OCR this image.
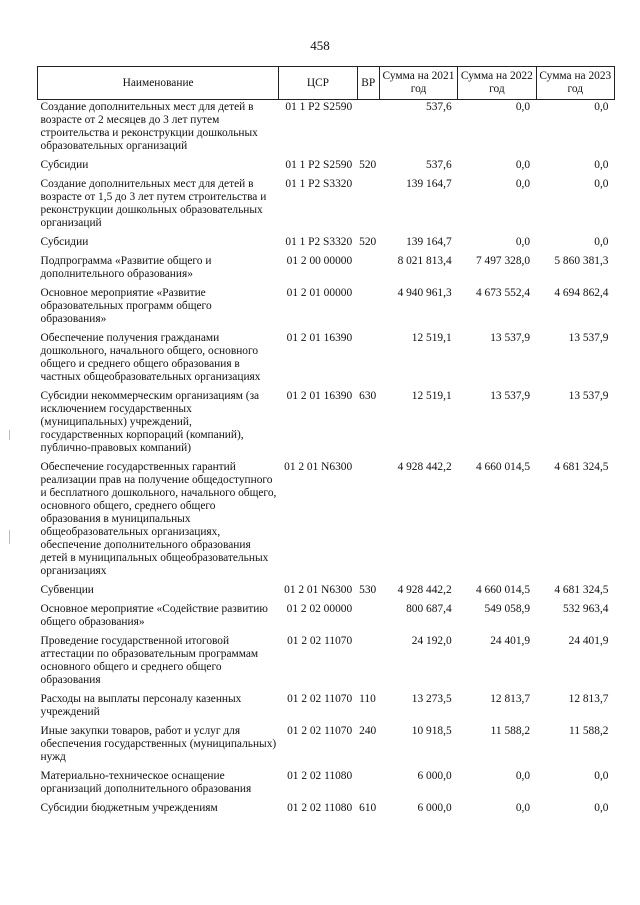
458
Наименование	ЦСР	ВР	Сумма на 2021 год	Сумма на 2022 год	Сумма на 2023 год
Создание дополнительных мест для детей в возрасте от 2 месяцев до 3 лет путем строительства и реконструкции дошкольных образовательных организаций	01 1 P2 S2590		537,6	0,0	0,0
Субсидии	01 1 P2 S2590	520	537,6	0,0	0,0
Создание дополнительных мест для детей в возрасте от 1,5 до 3 лет путем строительства и реконструкции дошкольных образовательных организаций	01 1 P2 S3320		139 164,7	0,0	0,0
Субсидии	01 1 P2 S3320	520	139 164,7	0,0	0,0
Подпрограмма «Развитие общего и дополнительного образования»	01 2 00 00000		8 021 813,4	7 497 328,0	5 860 381,3
Основное мероприятие «Развитие образовательных программ общего образования»	01 2 01 00000		4 940 961,3	4 673 552,4	4 694 862,4
Обеспечение получения гражданами дошкольного, начального общего, основного общего и среднего общего образования в частных общеобразовательных организациях	01 2 01 16390		12 519,1	13 537,9	13 537,9
Субсидии некоммерческим организациям (за исключением государственных (муниципальных) учреждений, государственных корпораций (компаний), публично-правовых компаний)	01 2 01 16390	630	12 519,1	13 537,9	13 537,9
Обеспечение государственных гарантий реализации прав на получение общедоступного и бесплатного дошкольного, начального общего, основного общего, среднего общего образования в муниципальных общеобразовательных организациях, обеспечение дополнительного образования детей в муниципальных общеобразовательных организациях	01 2 01 N6300		4 928 442,2	4 660 014,5	4 681 324,5
Субвенции	01 2 01 N6300	530	4 928 442,2	4 660 014,5	4 681 324,5
Основное мероприятие «Содействие развитию общего образования»	01 2 02 00000		800 687,4	549 058,9	532 963,4
Проведение государственной итоговой аттестации по образовательным программам основного общего и среднего общего образования	01 2 02 11070		24 192,0	24 401,9	24 401,9
Расходы на выплаты персоналу казенных учреждений	01 2 02 11070	110	13 273,5	12 813,7	12 813,7
Иные закупки товаров, работ и услуг для обеспечения государственных (муниципальных) нужд	01 2 02 11070	240	10 918,5	11 588,2	11 588,2
Материально-техническое оснащение организаций дополнительного образования	01 2 02 11080		6 000,0	0,0	0,0
Субсидии бюджетным учреждениям	01 2 02 11080	610	6 000,0	0,0	0,0
